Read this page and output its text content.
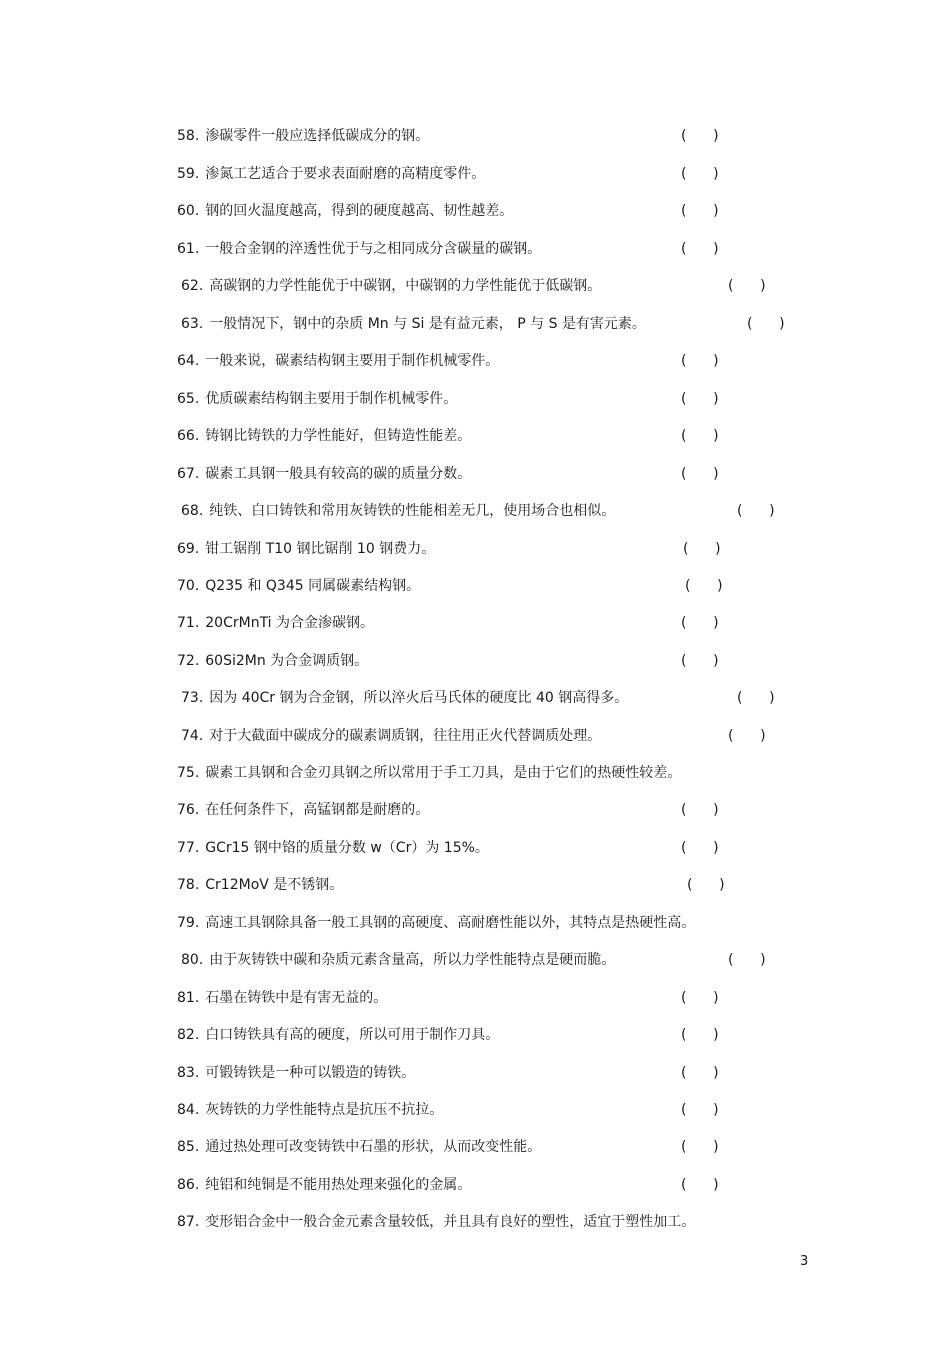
58. 渗碳零件一般应选择低碳成分的钢。	(      )
59. 渗氮工艺适合于要求表面耐磨的高精度零件。	(      )
60. 钢的回火温度越高，得到的硬度越高、韧性越差。	(      )
61. 一般合金钢的淬透性优于与之相同成分含碳量的碳钢。	(      )
62. 高碳钢的力学性能优于中碳钢，中碳钢的力学性能优于低碳钢。	(      )
63. 一般情况下，钢中的杂质 Mn 与 Si 是有益元素， P 与 S 是有害元素。	(      )
64. 一般来说，碳素结构钢主要用于制作机械零件。	(      )
65. 优质碳素结构钢主要用于制作机械零件。	(      )
66. 铸钢比铸铁的力学性能好，但铸造性能差。	(      )
67. 碳素工具钢一般具有较高的碳的质量分数。	(      )
68. 纯铁、白口铸铁和常用灰铸铁的性能相差无几，使用场合也相似。	(      )
69. 钳工锯削 T10 钢比锯削 10 钢费力。	(      )
70. Q235 和 Q345 同属碳素结构钢。	(      )
71. 20CrMnTi 为合金渗碳钢。	(      )
72. 60Si2Mn 为合金调质钢。	(      )
73. 因为 40Cr 钢为合金钢，所以淬火后马氏体的硬度比 40 钢高得多。	(      )
74. 对于大截面中碳成分的碳素调质钢，往往用正火代替调质处理。	(      )
75. 碳素工具钢和合金刃具钢之所以常用于手工刀具，是由于它们的热硬性较差。
76. 在任何条件下，高锰钢都是耐磨的。	(      )
77. GCr15 钢中铬的质量分数 w（Cr）为 15%。	(      )
78. Cr12MoV 是不锈钢。	(      )
79. 高速工具钢除具备一般工具钢的高硬度、高耐磨性能以外，其特点是热硬性高。
80. 由于灰铸铁中碳和杂质元素含量高，所以力学性能特点是硬而脆。	(      )
81. 石墨在铸铁中是有害无益的。	(      )
82. 白口铸铁具有高的硬度，所以可用于制作刀具。	(      )
83. 可锻铸铁是一种可以锻造的铸铁。	(      )
84. 灰铸铁的力学性能特点是抗压不抗拉。	(      )
85. 通过热处理可改变铸铁中石墨的形状，从而改变性能。	(      )
86. 纯铝和纯铜是不能用热处理来强化的金属。	(      )
87. 变形铝合金中一般合金元素含量较低，并且具有良好的塑性，适宜于塑性加工。
3
